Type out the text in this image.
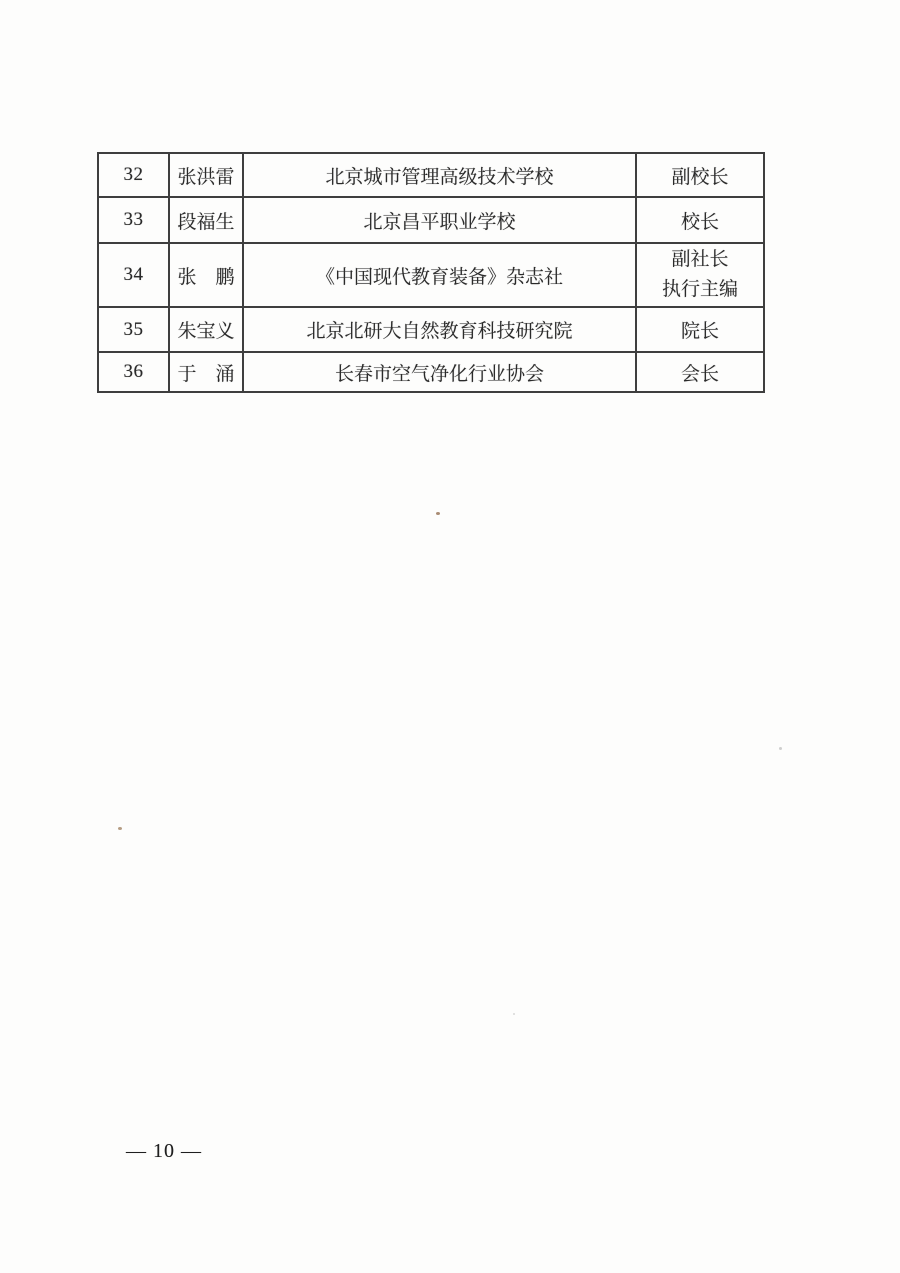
32	张洪雷	北京城市管理高级技术学校	副校长
33	段福生	北京昌平职业学校	校长
34	张　鹏	《中国现代教育装备》杂志社	副社长
执行主编

35	朱宝义	北京北研大自然教育科技研究院	院长
36	于　涌	长春市空气净化行业协会	会长
— 10 —
